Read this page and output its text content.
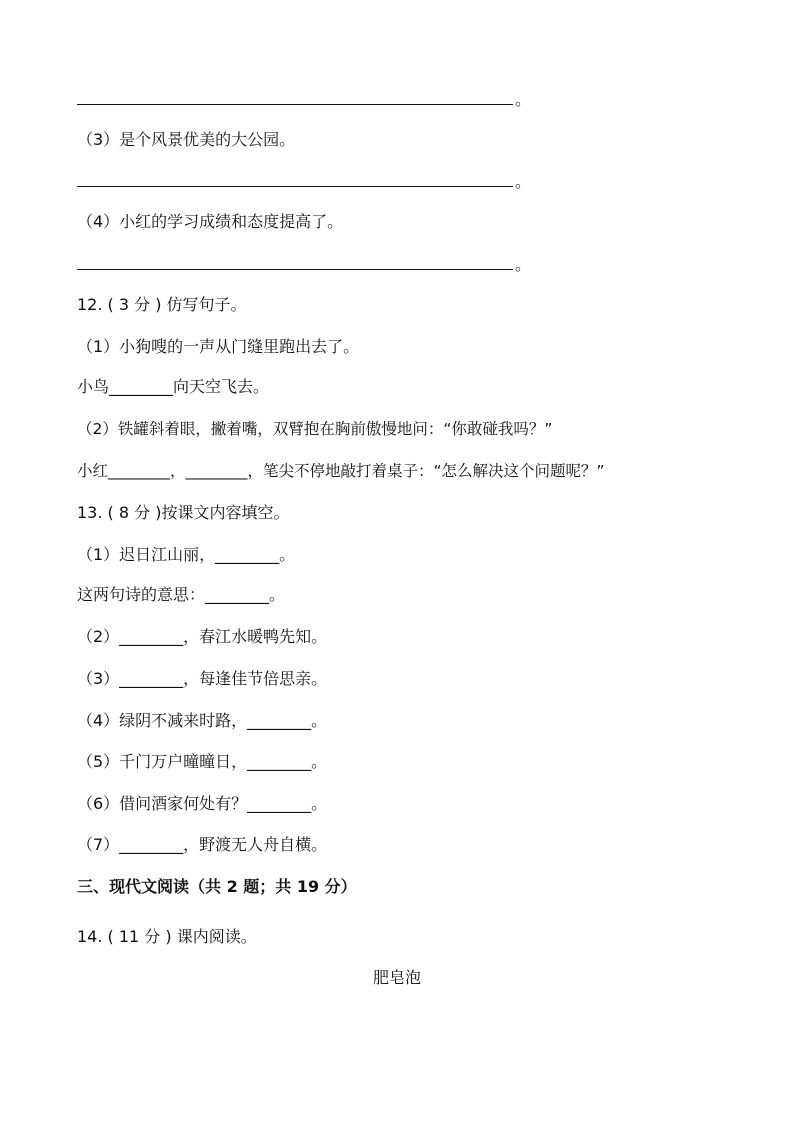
。
（3）是个风景优美的大公园。
。
（4）小红的学习成绩和态度提高了。
。
12. ( 3 分 ) 仿写句子。
（1）小狗嗖的一声从门缝里跑出去了。
小鸟________向天空飞去。
（2）铁罐斜着眼，撇着嘴，双臂抱在胸前傲慢地问：“你敢碰我吗？”
小红________，________，笔尖不停地敲打着桌子：“怎么解决这个问题呢？”
13. ( 8 分 )按课文内容填空。
（1）迟日江山丽，________。
这两句诗的意思：________。
（2）________，春江水暖鸭先知。
（3）________，每逢佳节倍思亲。
（4）绿阴不减来时路，________。
（5）千门万户曈曈日，________。
（6）借问酒家何处有？________。
（7）________，野渡无人舟自横。
三、现代文阅读（共 2 题；共 19 分）
14. ( 11 分 ) 课内阅读。
肥皂泡
